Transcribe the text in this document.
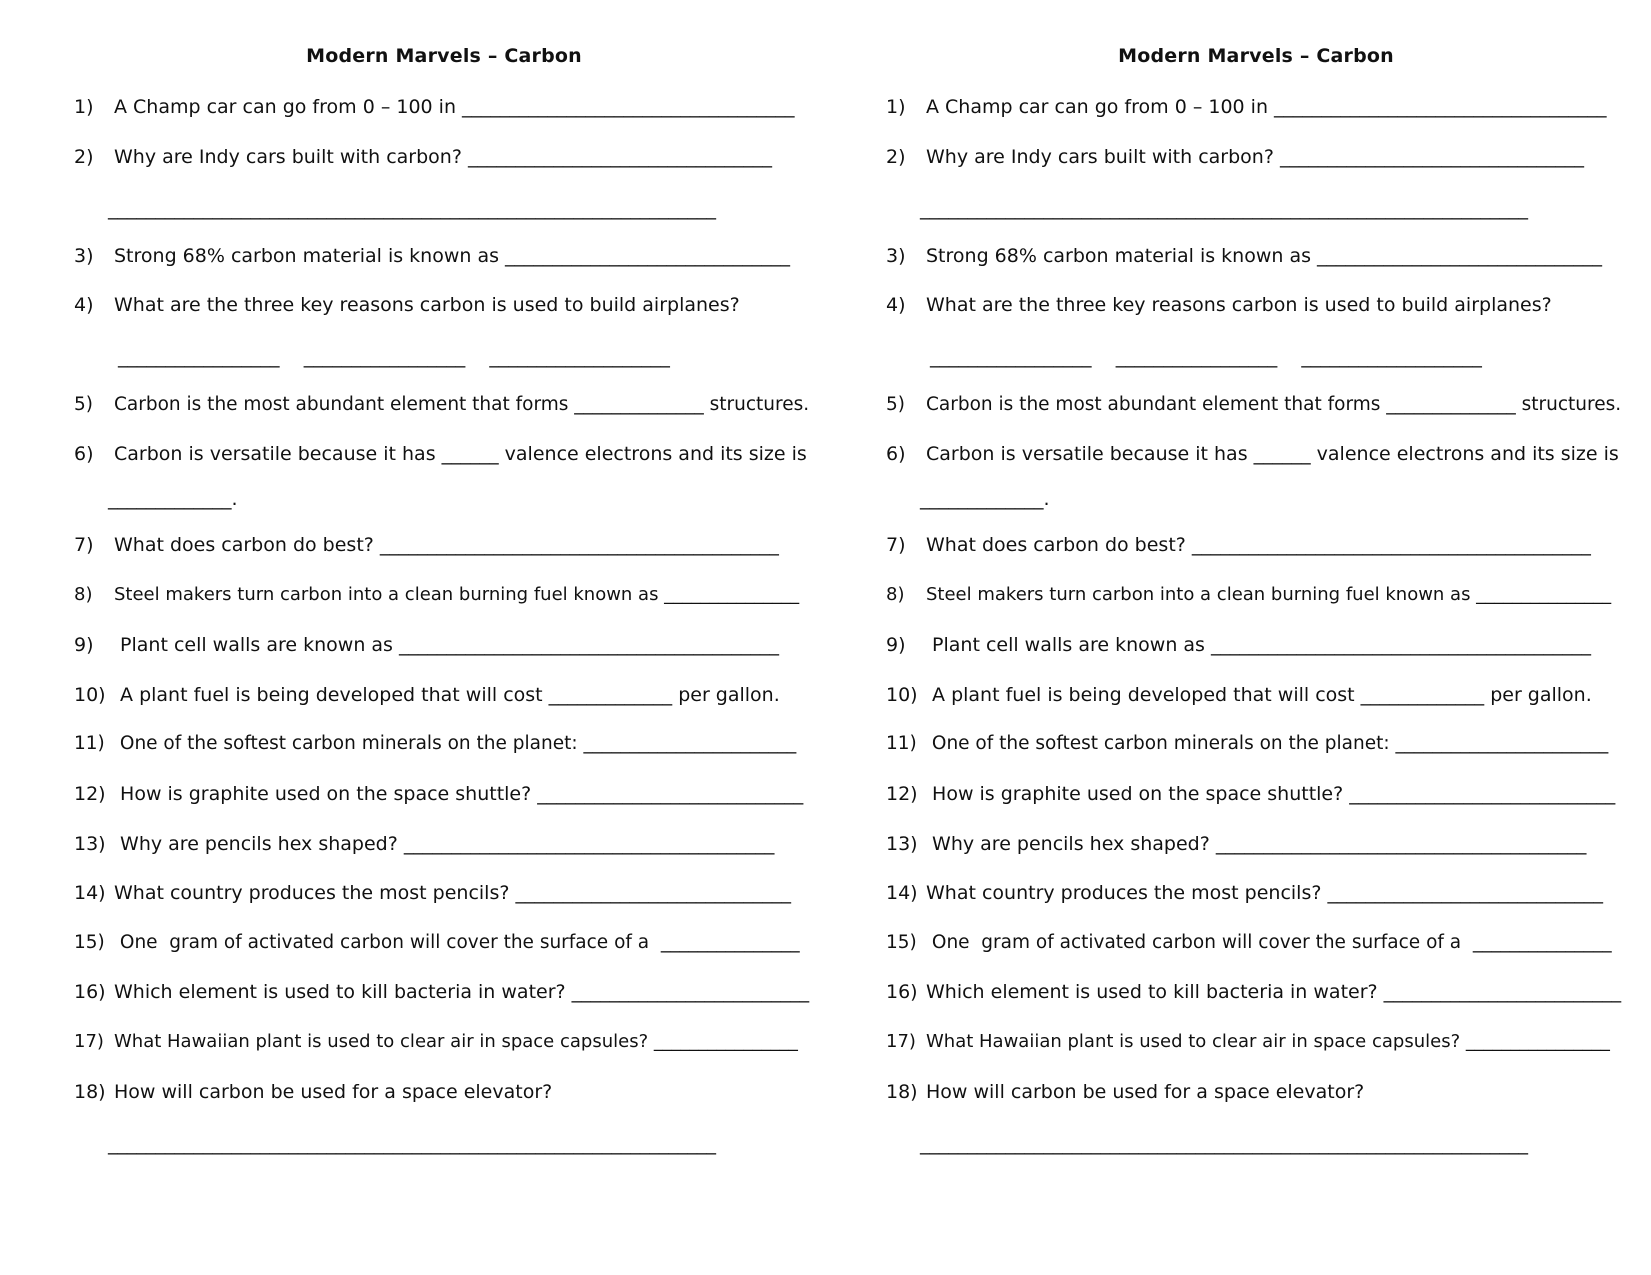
Modern Marvels – Carbon
1) A Champ car can go from 0 – 100 in ___________________________________
2) Why are Indy cars built with carbon? ________________________________
________________________________________________________________
3) Strong 68% carbon material is known as ______________________________
4) What are the three key reasons carbon is used to build airplanes?
_________________    _________________    ___________________
5) Carbon is the most abundant element that forms ______________ structures.
6) Carbon is versatile because it has ______ valence electrons and its size is
_____________.
7) What does carbon do best? __________________________________________
8) Steel makers turn carbon into a clean burning fuel known as _______________
9) Plant cell walls are known as ________________________________________
10) A plant fuel is being developed that will cost _____________ per gallon.
11) One of the softest carbon minerals on the planet: _______________________
12) How is graphite used on the space shuttle? ____________________________
13) Why are pencils hex shaped? _______________________________________
14) What country produces the most pencils? _____________________________
15) One  gram of activated carbon will cover the surface of a  _______________
16) Which element is used to kill bacteria in water? _________________________
17) What Hawaiian plant is used to clear air in space capsules? ________________
18) How will carbon be used for a space elevator?
________________________________________________________________
Modern Marvels – Carbon
1) A Champ car can go from 0 – 100 in ___________________________________
2) Why are Indy cars built with carbon? ________________________________
________________________________________________________________
3) Strong 68% carbon material is known as ______________________________
4) What are the three key reasons carbon is used to build airplanes?
_________________    _________________    ___________________
5) Carbon is the most abundant element that forms ______________ structures.
6) Carbon is versatile because it has ______ valence electrons and its size is
_____________.
7) What does carbon do best? __________________________________________
8) Steel makers turn carbon into a clean burning fuel known as _______________
9) Plant cell walls are known as ________________________________________
10) A plant fuel is being developed that will cost _____________ per gallon.
11) One of the softest carbon minerals on the planet: _______________________
12) How is graphite used on the space shuttle? ____________________________
13) Why are pencils hex shaped? _______________________________________
14) What country produces the most pencils? _____________________________
15) One  gram of activated carbon will cover the surface of a  _______________
16) Which element is used to kill bacteria in water? _________________________
17) What Hawaiian plant is used to clear air in space capsules? ________________
18) How will carbon be used for a space elevator?
________________________________________________________________
